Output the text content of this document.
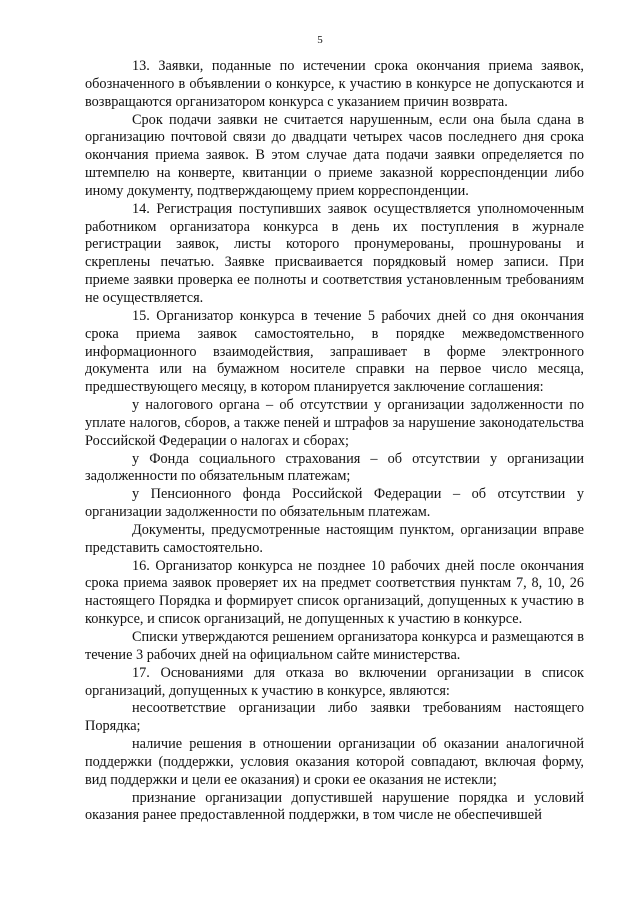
5

13. Заявки, поданные по истечении срока окончания приема заявок, обозначенного в объявлении о конкурсе, к участию в конкурсе не допускаются и возвращаются организатором конкурса с указанием причин возврата.

Срок подачи заявки не считается нарушенным, если она была сдана в организацию почтовой связи до двадцати четырех часов последнего дня срока окончания приема заявок. В этом случае дата подачи заявки определяется по штемпелю на конверте, квитанции о приеме заказной корреспонденции либо иному документу, подтверждающему прием корреспонденции.

14. Регистрация поступивших заявок осуществляется уполномоченным работником организатора конкурса в день их поступления в журнале регистрации заявок, листы которого пронумерованы, прошнурованы и скреплены печатью. Заявке присваивается порядковый номер записи. При приеме заявки проверка ее полноты и соответствия установленным требованиям не осуществляется.

15. Организатор конкурса в течение 5 рабочих дней со дня окончания срока приема заявок самостоятельно, в порядке межведомственного информационного взаимодействия, запрашивает в форме электронного документа или на бумажном носителе справки на первое число месяца, предшествующего месяцу, в котором планируется заключение соглашения:

у налогового органа – об отсутствии у организации задолженности по уплате налогов, сборов, а также пеней и штрафов за нарушение законодательства Российской Федерации о налогах и сборах;

у Фонда социального страхования – об отсутствии у организации задолженности по обязательным платежам;

у Пенсионного фонда Российской Федерации – об отсутствии у организации задолженности по обязательным платежам.

Документы, предусмотренные настоящим пунктом, организации вправе представить самостоятельно.

16. Организатор конкурса не позднее 10 рабочих дней после окончания срока приема заявок проверяет их на предмет соответствия пунктам 7, 8, 10, 26 настоящего Порядка и формирует список организаций, допущенных к участию в конкурсе, и список организаций, не допущенных к участию в конкурсе.

Списки утверждаются решением организатора конкурса и размещаются в течение 3 рабочих дней на официальном сайте министерства.

17. Основаниями для отказа во включении организации в список организаций, допущенных к участию в конкурсе, являются:

несоответствие организации либо заявки требованиям настоящего Порядка;

наличие решения в отношении организации об оказании аналогичной поддержки (поддержки, условия оказания которой совпадают, включая форму, вид поддержки и цели ее оказания) и сроки ее оказания не истекли;

признание организации допустившей нарушение порядка и условий оказания ранее предоставленной поддержки, в том числе не обеспечившей
